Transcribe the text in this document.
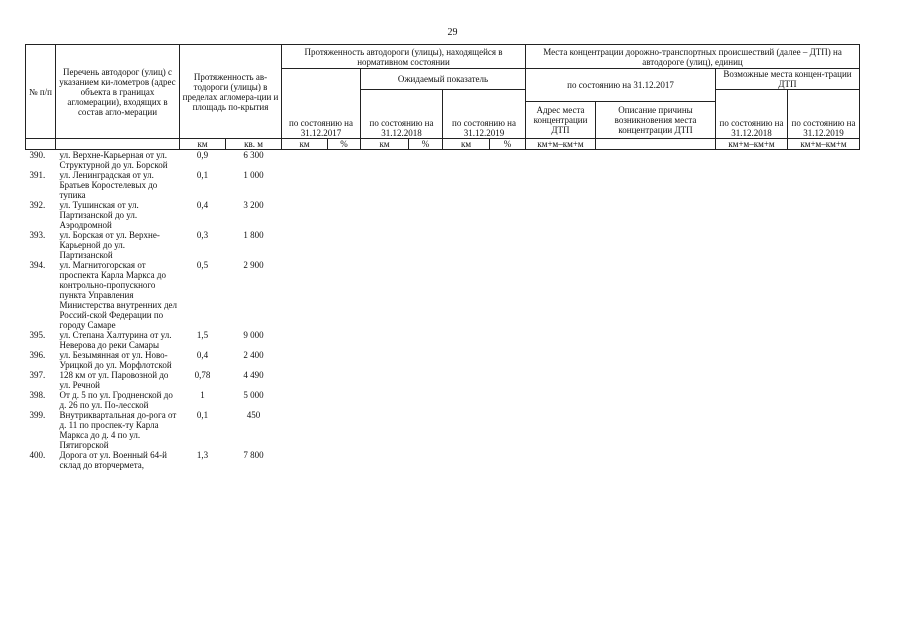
29
№ п/п	Перечень автодорог (улиц) с указанием ки-лометров (адрес объекта в границах агломерации), входящих в состав агло-мерации	Протяженность ав-тодороги (улицы) в пределах агломера-ции и площадь по-крытия		Протяженность автодороги (улицы), находящейся в нормативном состоянии						Места концентрации дорожно-транспортных происшествий (далее – ДТП) на автодороге (улиц), единиц			
				по состоянию на 31.12.2017		Ожидаемый показатель				по состоянию на 31.12.2017		Возможные места концен-трации ДТП	
						по состоянию на 31.12.2018		по состоянию на 31.12.2019				по состоянию на 31.12.2018	по состоянию на 31.12.2019
										Адрес места концентрации ДТП	Описание причины возникновения места концентрации ДТП		
		км	кв. м	км	%	км	%	км	%	км+м–км+м		км+м–км+м	км+м–км+м
390.	ул. Верхне-Карьерная от ул. Структурной до ул. Борской	0,9	6 300										
391.	ул. Ленинградская от ул. Братьев Коростелевых до тупика	0,1	1 000										
392.	ул. Тушинская от ул. Партизанской до ул. Аэродромной	0,4	3 200										
393.	ул. Борская от ул. Верхне-Карьерной до ул. Партизанской	0,3	1 800										
394.	ул. Магнитогорская от проспекта Карла Маркса до контрольно-пропускного пункта Управления Министерства внутренних дел Россий-ской Федерации по городу Самаре	0,5	2 900										
395.	ул. Степана Халтурина от ул. Неверова до реки Самары	1,5	9 000										
396.	ул. Безымянная от ул. Ново-Урицкой до ул. Морфлотской	0,4	2 400										
397.	128 км от ул. Паровозной до ул. Речной	0,78	4 490										
398.	От д. 5 по ул. Гродненской до д. 26 по ул. По-лесской	1	5 000										
399.	Внутриквартальная до-рога от д. 11 по проспек-ту Карла Маркса до д. 4 по ул. Пятигорской	0,1	450										
400.	Дорога от ул. Военный 64-й склад до вторчермета,	1,3	7 800										
